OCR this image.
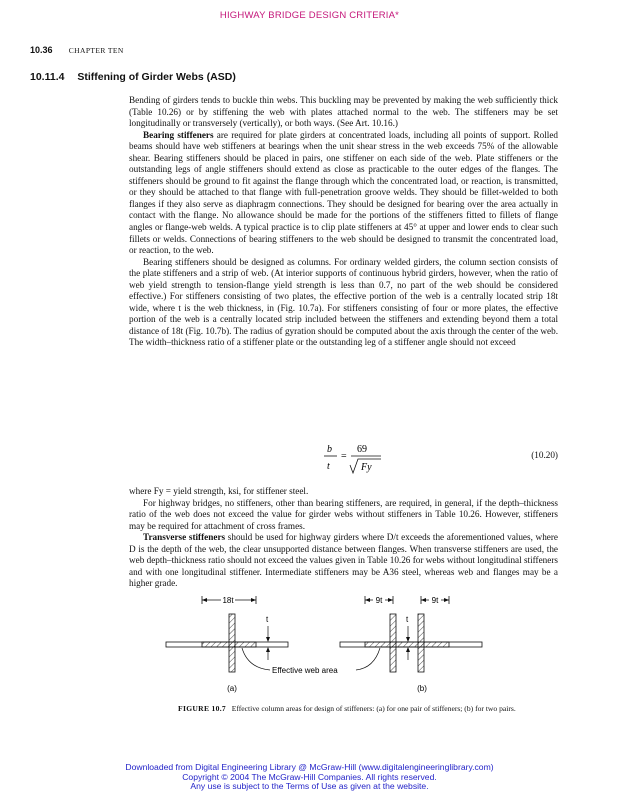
HIGHWAY BRIDGE DESIGN CRITERIA*
10.36 CHAPTER TEN
10.11.4 Stiffening of Girder Webs (ASD)

Bending of girders tends to buckle thin webs. This buckling may be prevented by making the web sufficiently thick (Table 10.26) or by stiffening the web with plates attached normal to the web. The stiffeners may be set longitudinally or transversely (vertically), or both ways. (See Art. 10.16.)

Bearing stiffeners are required for plate girders at concentrated loads, including all points of support. Rolled beams should have web stiffeners at bearings when the unit shear stress in the web exceeds 75% of the allowable shear. Bearing stiffeners should be placed in pairs, one stiffener on each side of the web. Plate stiffeners or the outstanding legs of angle stiffeners should extend as close as practicable to the outer edges of the flanges. The stiffeners should be ground to fit against the flange through which the concentrated load, or reaction, is transmitted, or they should be attached to that flange with full-penetration groove welds. They should be fillet-welded to both flanges if they also serve as diaphragm connections. They should be designed for bearing over the area actually in contact with the flange. No allowance should be made for the portions of the stiffeners fitted to fillets of flange angles or flange-web welds. A typical practice is to clip plate stiffeners at 45° at upper and lower ends to clear such fillets or welds. Connections of bearing stiffeners to the web should be designed to transmit the concentrated load, or reaction, to the web.

Bearing stiffeners should be designed as columns. For ordinary welded girders, the column section consists of the plate stiffeners and a strip of web. (At interior supports of continuous hybrid girders, however, when the ratio of web yield strength to tension-flange yield strength is less than 0.7, no part of the web should be considered effective.) For stiffeners consisting of two plates, the effective portion of the web is a centrally located strip 18t wide, where t is the web thickness, in (Fig. 10.7a). For stiffeners consisting of four or more plates, the effective portion of the web is a centrally located strip included between the stiffeners and extending beyond them a total distance of 18t (Fig. 10.7b). The radius of gyration should be computed about the axis through the center of the web. The width–thickness ratio of a stiffener plate or the outstanding leg of a stiffener angle should not exceed

b
t
=
69
Fy
(10.20)

where Fy = yield strength, ksi, for stiffener steel.

For highway bridges, no stiffeners, other than bearing stiffeners, are required, in general, if the depth–thickness ratio of the web does not exceed the value for girder webs without stiffeners in Table 10.26. However, stiffeners may be required for attachment of cross frames.

Transverse stiffeners should be used for highway girders where D/t exceeds the aforementioned values, where D is the depth of the web, the clear unsupported distance between flanges. When transverse stiffeners are used, the web depth–thickness ratio should not exceed the values given in Table 10.26 for webs without longitudinal stiffeners and with one longitudinal stiffener. Intermediate stiffeners may be A36 steel, whereas web and flanges may be a higher grade.

18t
t
(a)
Effective web area
9t	9t
t
(b)
FIGURE 10.7 Effective column areas for design of stiffeners: (a) for one pair of stiffeners; (b) for two pairs.
Downloaded from Digital Engineering Library @ McGraw-Hill (www.digitalengineeringlibrary.com)
Copyright © 2004 The McGraw-Hill Companies. All rights reserved.
Any use is subject to the Terms of Use as given at the website.
